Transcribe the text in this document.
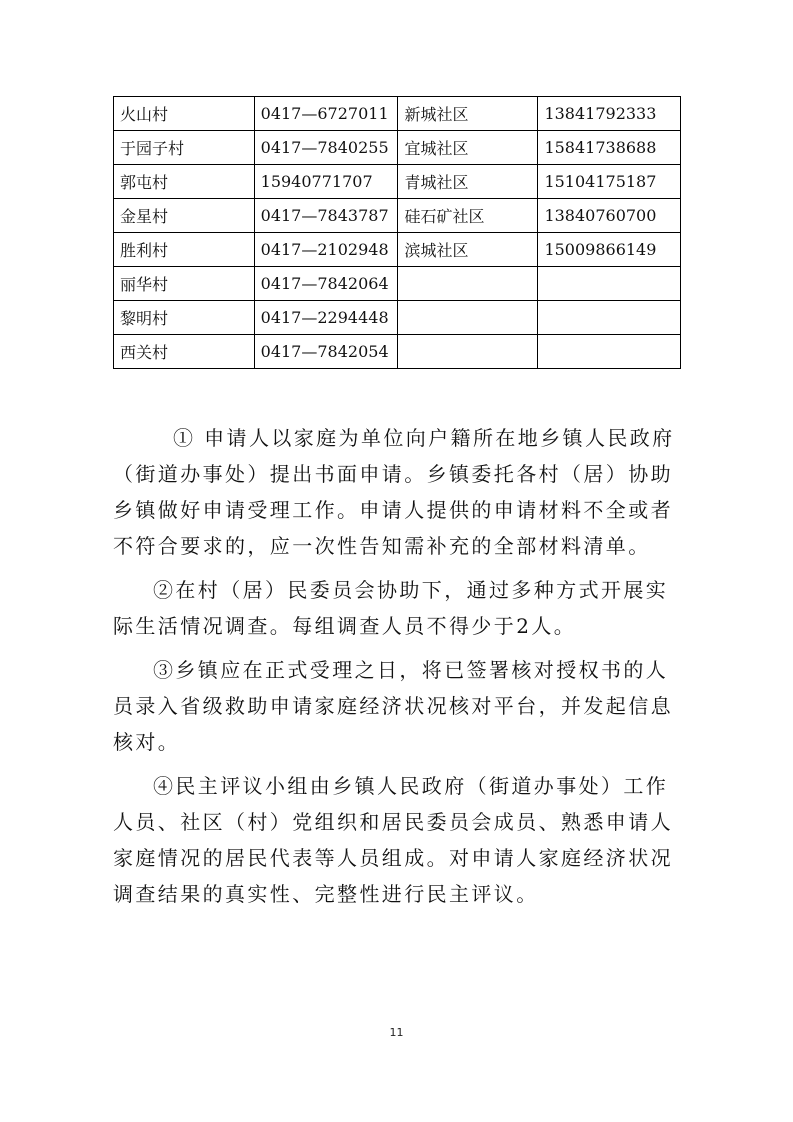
火山村	0417—6727011	新城社区	13841792333
于园子村	0417—7840255	宜城社区	15841738688
郭屯村	15940771707	青城社区	15104175187
金星村	0417—7843787	硅石矿社区	13840760700
胜利村	0417—2102948	滨城社区	15009866149
丽华村	0417—7842064		
黎明村	0417—2294448		
西关村	0417—7842054		

① 申请人以家庭为单位向户籍所在地乡镇人民政府（街道办事处）提出书面申请。乡镇委托各村（居）协助乡镇做好申请受理工作。申请人提供的申请材料不全或者不符合要求的，应一次性告知需补充的全部材料清单。

②在村（居）民委员会协助下，通过多种方式开展实际生活情况调查。每组调查人员不得少于2人。

③乡镇应在正式受理之日，将已签署核对授权书的人员录入省级救助申请家庭经济状况核对平台，并发起信息核对。

④民主评议小组由乡镇人民政府（街道办事处）工作人员、社区（村）党组织和居民委员会成员、熟悉申请人家庭情况的居民代表等人员组成。对申请人家庭经济状况调查结果的真实性、完整性进行民主评议。

11
